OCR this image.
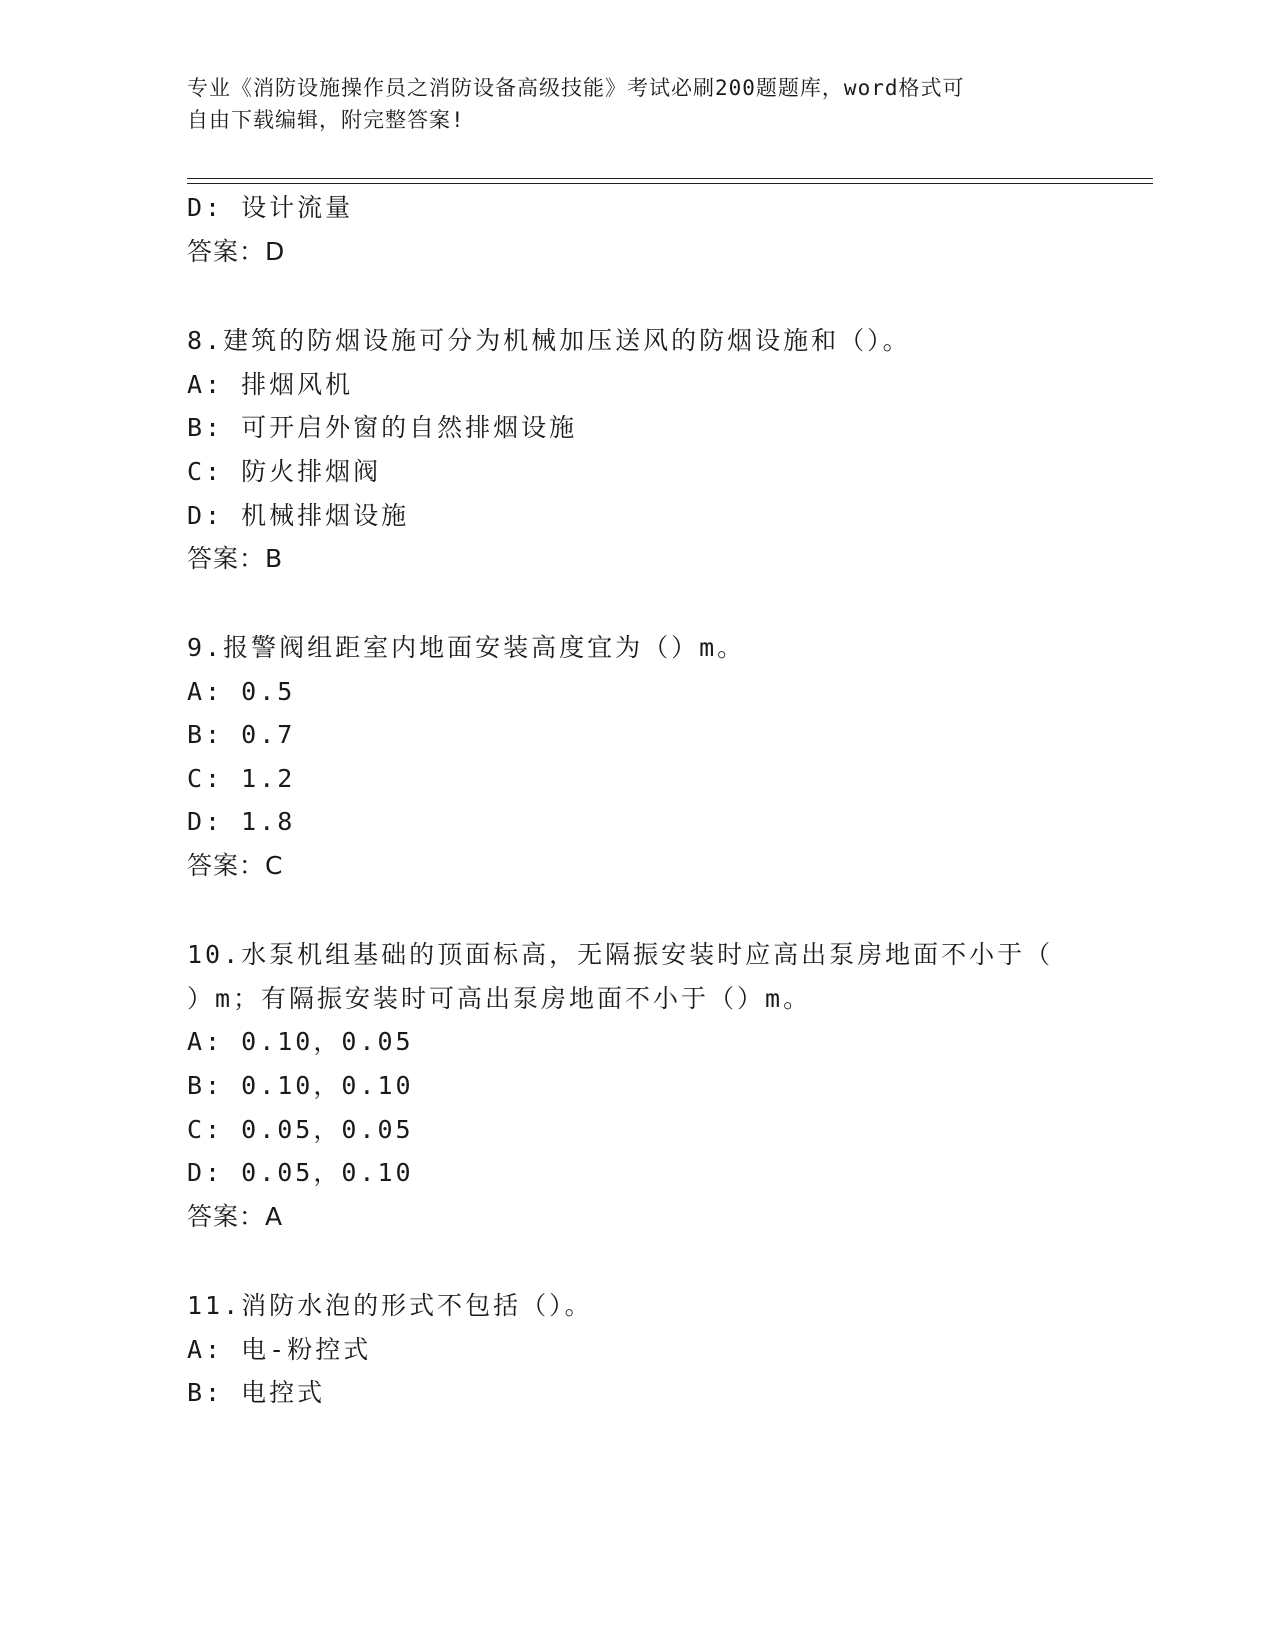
专业《消防设施操作员之消防设备高级技能》考试必刷200题题库，word格式可
自由下载编辑，附完整答案!
D: 设计流量
答案：D
8.建筑的防烟设施可分为机械加压送风的防烟设施和（）。
A: 排烟风机
B: 可开启外窗的自然排烟设施
C: 防火排烟阀
D: 机械排烟设施
答案：B
9.报警阀组距室内地面安装高度宜为（）m。
A: 0.5
B: 0.7
C: 1.2
D: 1.8
答案：C
10.水泵机组基础的顶面标高，无隔振安装时应高出泵房地面不小于（
）m；有隔振安装时可高出泵房地面不小于（）m。
A: 0.10，0.05
B: 0.10，0.10
C: 0.05，0.05
D: 0.05，0.10
答案：A
11.消防水泡的形式不包括（）。
A: 电-粉控式
B: 电控式
